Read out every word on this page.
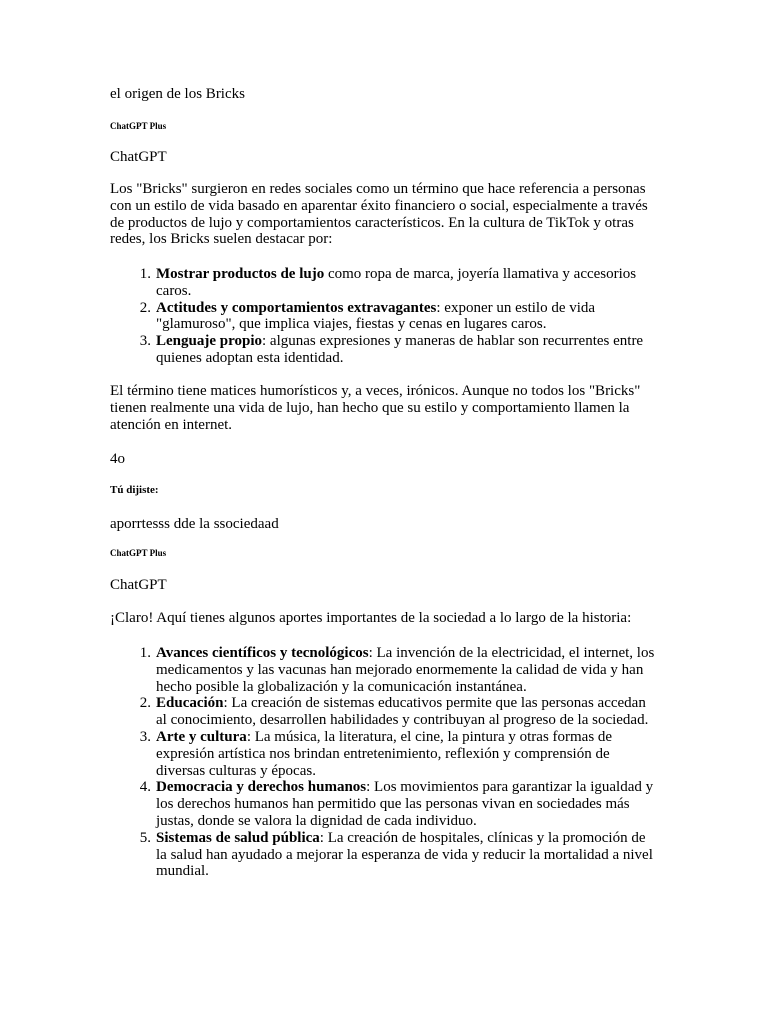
el origen de los Bricks

ChatGPT Plus

ChatGPT

Los "Bricks" surgieron en redes sociales como un término que hace referencia a personas con un estilo de vida basado en aparentar éxito financiero o social, especialmente a través de productos de lujo y comportamientos característicos. En la cultura de TikTok y otras redes, los Bricks suelen destacar por:

1. Mostrar productos de lujo como ropa de marca, joyería llamativa y accesorios caros.
2. Actitudes y comportamientos extravagantes: exponer un estilo de vida "glamuroso", que implica viajes, fiestas y cenas en lugares caros.
3. Lenguaje propio: algunas expresiones y maneras de hablar son recurrentes entre quienes adoptan esta identidad.

El término tiene matices humorísticos y, a veces, irónicos. Aunque no todos los "Bricks" tienen realmente una vida de lujo, han hecho que su estilo y comportamiento llamen la atención en internet.

4o

Tú dijiste:

aporrtesss dde la ssociedaad

ChatGPT Plus

ChatGPT

¡Claro! Aquí tienes algunos aportes importantes de la sociedad a lo largo de la historia:

1. Avances científicos y tecnológicos: La invención de la electricidad, el internet, los medicamentos y las vacunas han mejorado enormemente la calidad de vida y han hecho posible la globalización y la comunicación instantánea.
2. Educación: La creación de sistemas educativos permite que las personas accedan al conocimiento, desarrollen habilidades y contribuyan al progreso de la sociedad.
3. Arte y cultura: La música, la literatura, el cine, la pintura y otras formas de expresión artística nos brindan entretenimiento, reflexión y comprensión de diversas culturas y épocas.
4. Democracia y derechos humanos: Los movimientos para garantizar la igualdad y los derechos humanos han permitido que las personas vivan en sociedades más justas, donde se valora la dignidad de cada individuo.
5. Sistemas de salud pública: La creación de hospitales, clínicas y la promoción de la salud han ayudado a mejorar la esperanza de vida y reducir la mortalidad a nivel mundial.
